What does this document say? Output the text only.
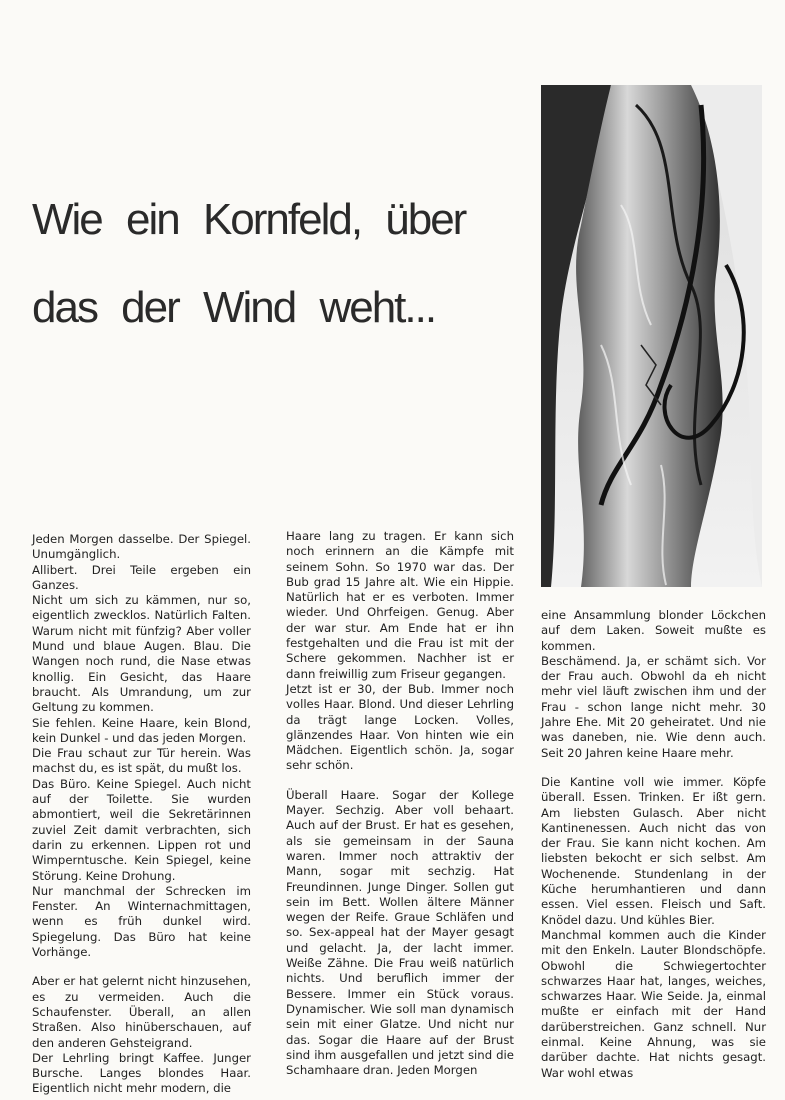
Wie ein Kornfeld, über
das der Wind weht...

Jeden Morgen dasselbe. Der Spiegel. Unumgänglich.

Allibert. Drei Teile ergeben ein Ganzes.

Nicht um sich zu kämmen, nur so, eigentlich zwecklos. Natürlich Falten. Warum nicht mit fünfzig? Aber voller Mund und blaue Augen. Blau. Die Wangen noch rund, die Nase etwas knollig. Ein Gesicht, das Haare braucht. Als Umrandung, um zur Geltung zu kommen.

Sie fehlen. Keine Haare, kein Blond, kein Dunkel - und das jeden Morgen.

Die Frau schaut zur Tür herein. Was machst du, es ist spät, du mußt los.

Das Büro. Keine Spiegel. Auch nicht auf der Toilette. Sie wurden abmontiert, weil die Sekretärinnen zuviel Zeit damit verbrachten, sich darin zu erkennen. Lippen rot und Wimperntusche. Kein Spiegel, keine Störung. Keine Drohung.

Nur manchmal der Schrecken im Fenster. An Winternachmittagen, wenn es früh dunkel wird. Spiegelung. Das Büro hat keine Vorhänge.

Aber er hat gelernt nicht hinzusehen, es zu vermeiden. Auch die Schaufenster. Überall, an allen Straßen. Also hinüberschauen, auf den anderen Gehsteigrand.

Der Lehrling bringt Kaffee. Junger Bursche. Langes blondes Haar. Eigentlich nicht mehr modern, die

Haare lang zu tragen. Er kann sich noch erinnern an die Kämpfe mit seinem Sohn. So 1970 war das. Der Bub grad 15 Jahre alt. Wie ein Hippie. Natürlich hat er es verboten. Immer wieder. Und Ohrfeigen. Genug. Aber der war stur. Am Ende hat er ihn festgehalten und die Frau ist mit der Schere gekommen. Nachher ist er dann freiwillig zum Friseur gegangen.

Jetzt ist er 30, der Bub. Immer noch volles Haar. Blond. Und dieser Lehrling da trägt lange Locken. Volles, glänzendes Haar. Von hinten wie ein Mädchen. Eigentlich schön. Ja, sogar sehr schön.

Überall Haare. Sogar der Kollege Mayer. Sechzig. Aber voll behaart. Auch auf der Brust. Er hat es gesehen, als sie gemeinsam in der Sauna waren. Immer noch attraktiv der Mann, sogar mit sechzig. Hat Freundinnen. Junge Dinger. Sollen gut sein im Bett. Wollen ältere Männer wegen der Reife. Graue Schläfen und so. Sex-appeal hat der Mayer gesagt und gelacht. Ja, der lacht immer. Weiße Zähne. Die Frau weiß natürlich nichts. Und beruflich immer der Bessere. Immer ein Stück voraus. Dynamischer. Wie soll man dynamisch sein mit einer Glatze. Und nicht nur das. Sogar die Haare auf der Brust sind ihm ausgefallen und jetzt sind die Schamhaare dran. Jeden Morgen

eine Ansammlung blonder Löckchen auf dem Laken. Soweit mußte es kommen.

Beschämend. Ja, er schämt sich. Vor der Frau auch. Obwohl da eh nicht mehr viel läuft zwischen ihm und der Frau - schon lange nicht mehr. 30 Jahre Ehe. Mit 20 geheiratet. Und nie was daneben, nie. Wie denn auch. Seit 20 Jahren keine Haare mehr.

Die Kantine voll wie immer. Köpfe überall. Essen. Trinken. Er ißt gern. Am liebsten Gulasch. Aber nicht Kantinenessen. Auch nicht das von der Frau. Sie kann nicht kochen. Am liebsten bekocht er sich selbst. Am Wochenende. Stundenlang in der Küche herumhantieren und dann essen. Viel essen. Fleisch und Saft. Knödel dazu. Und kühles Bier.

Manchmal kommen auch die Kinder mit den Enkeln. Lauter Blondschöpfe. Obwohl die Schwiegertochter schwarzes Haar hat, langes, weiches, schwarzes Haar. Wie Seide. Ja, einmal mußte er einfach mit der Hand darüberstreichen. Ganz schnell. Nur einmal. Keine Ahnung, was sie darüber dachte. Hat nichts gesagt. War wohl etwas
